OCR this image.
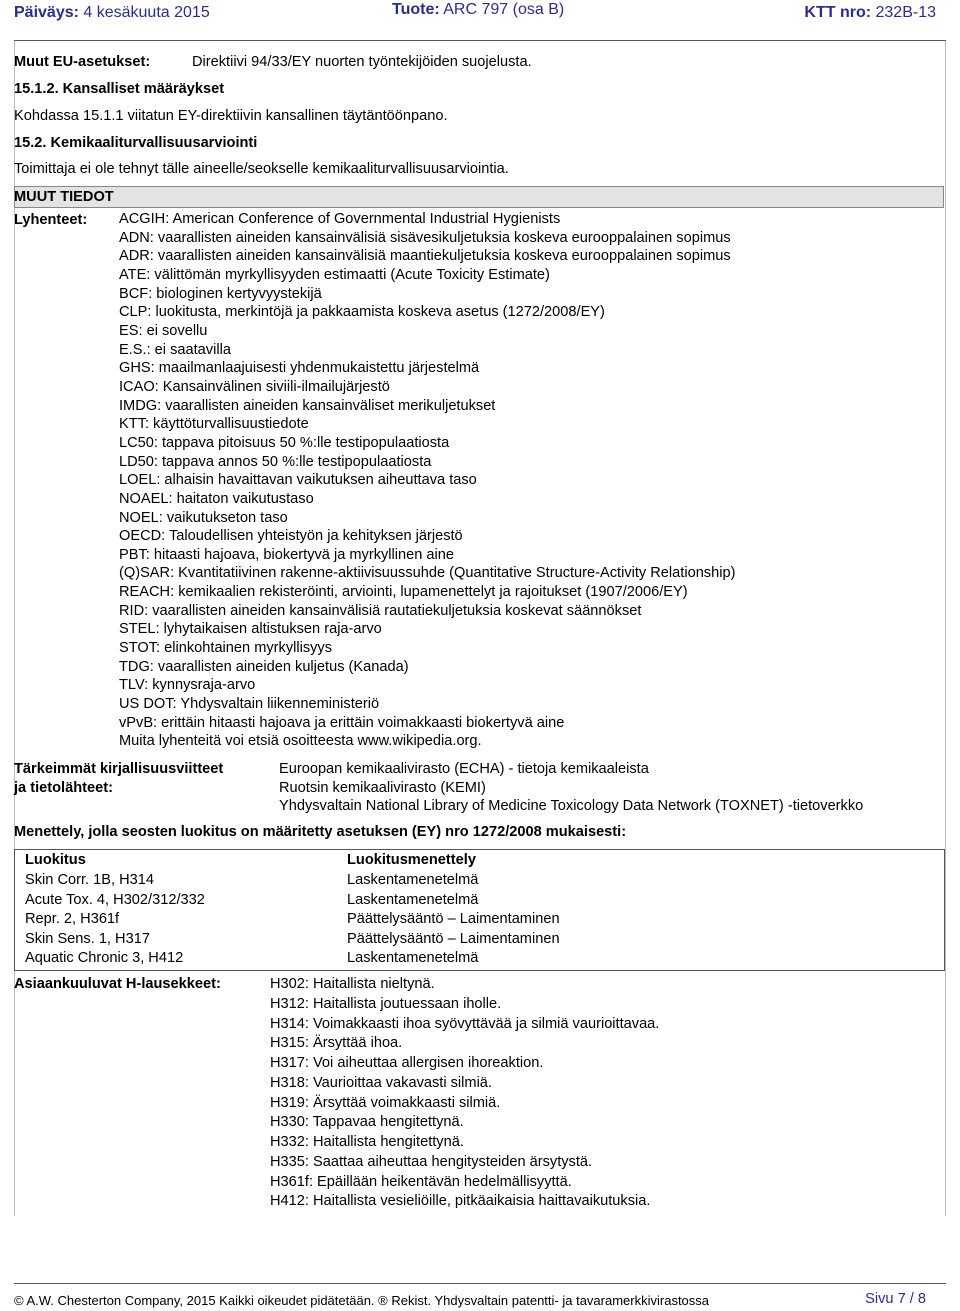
Päiväys: 4 kesäkuuta 2015	Tuote: ARC 797 (osa B)	KTT nro: 232B-13
Muut EU-asetukset:	Direktiivi 94/33/EY nuorten työntekijöiden suojelusta.
15.1.2. Kansalliset määräykset
Kohdassa 15.1.1 viitatun EY-direktiivin kansallinen täytäntöönpano.
15.2. Kemikaaliturvallisuusarviointi
Toimittaja ei ole tehnyt tälle aineelle/seokselle kemikaaliturvallisuusarviointia.
MUUT TIEDOT
Lyhenteet: ACGIH: American Conference of Governmental Industrial Hygienists
ADN: vaarallisten aineiden kansainvälisiä sisävesikuljetuksia koskeva eurooppalainen sopimus
ADR: vaarallisten aineiden kansainvälisiä maantiekuljetuksia koskeva eurooppalainen sopimus
ATE: välittömän myrkyllisyyden estimaatti (Acute Toxicity Estimate)
BCF: biologinen kertyvyystekijä
CLP: luokitusta, merkintöjä ja pakkaamista koskeva asetus (1272/2008/EY)
ES: ei sovellu
E.S.: ei saatavilla
GHS: maailmanlaajuisesti yhdenmukaistettu järjestelmä
ICAO: Kansainvälinen siviili-ilmailujärjestö
IMDG: vaarallisten aineiden kansainväliset merikuljetukset
KTT: käyttöturvallisuustiedote
LC50: tappava pitoisuus 50 %:lle testipopulaatiosta
LD50: tappava annos 50 %:lle testipopulaatiosta
LOEL: alhaisin havaittavan vaikutuksen aiheuttava taso
NOAEL: haitaton vaikutustaso
NOEL: vaikutukseton taso
OECD: Taloudellisen yhteistyön ja kehityksen järjestö
PBT: hitaasti hajoava, biokertyvä ja myrkyllinen aine
(Q)SAR: Kvantitatiivinen rakenne-aktiivisuussuhde (Quantitative Structure-Activity Relationship)
REACH: kemikaalien rekisteröinti, arviointi, lupamenettelyt ja rajoitukset (1907/2006/EY)
RID: vaarallisten aineiden kansainvälisiä rautatiekuljetuksia koskevat säännökset
STEL: lyhytaikaisen altistuksen raja-arvo
STOT: elinkohtainen myrkyllisyys
TDG: vaarallisten aineiden kuljetus (Kanada)
TLV: kynnysraja-arvo
US DOT: Yhdysvaltain liikenneministeriö
vPvB: erittäin hitaasti hajoava ja erittäin voimakkaasti biokertyvä aine
Muita lyhenteitä voi etsiä osoitteesta www.wikipedia.org.
Tärkeimmät kirjallisuusviitteet
ja tietolähteet:
Euroopan kemikaalivirasto (ECHA) - tietoja kemikaaleista
Ruotsin kemikaalivirasto (KEMI)
Yhdysvaltain National Library of Medicine Toxicology Data Network (TOXNET) -tietoverkko
Menettely, jolla seosten luokitus on määritetty asetuksen (EY) nro 1272/2008 mukaisesti:
Luokitus	Luokitusmenettely
Skin Corr. 1B, H314	Laskentamenetelmä
Acute Tox. 4, H302/312/332	Laskentamenetelmä
Repr. 2, H361f	Päättelysääntö – Laimentaminen
Skin Sens. 1, H317	Päättelysääntö – Laimentaminen
Aquatic Chronic 3, H412	Laskentamenetelmä
Asiaankuuluvat H-lausekkeet:	H302: Haitallista nieltynä.
H312: Haitallista joutuessaan iholle.
H314: Voimakkaasti ihoa syövyttävää ja silmiä vaurioittavaa.
H315: Ärsyttää ihoa.
H317: Voi aiheuttaa allergisen ihoreaktion.
H318: Vaurioittaa vakavasti silmiä.
H319: Ärsyttää voimakkaasti silmiä.
H330: Tappavaa hengitettynä.
H332: Haitallista hengitettynä.
H335: Saattaa aiheuttaa hengitysteiden ärsytystä.
H361f: Epäillään heikentävän hedelmällisyyttä.
H412: Haitallista vesieliöille, pitkäaikaisia haittavaikutuksia.
© A.W. Chesterton Company, 2015 Kaikki oikeudet pidätetään. ® Rekist. Yhdysvaltain patentti- ja tavaramerkkivirastossa	Sivu 7 / 8
